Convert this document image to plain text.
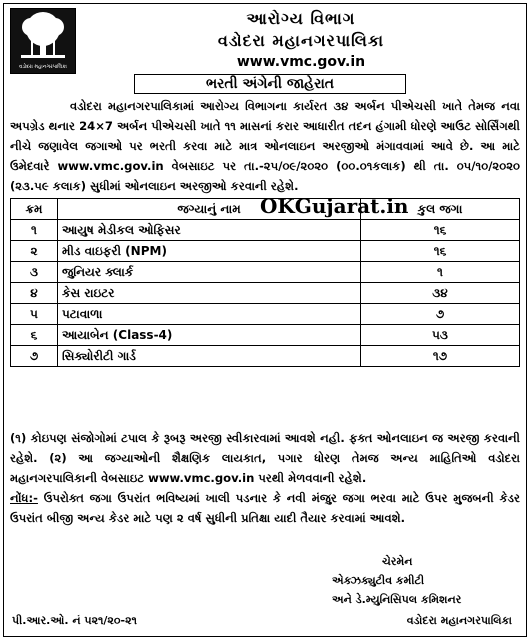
વડોદરા મહાનગરપાલિકા
આરોગ્ય વિભાગ
વડોદરા મહાનગરપાલિકા
www.vmc.gov.in
ભરતી અંગેની જાહેરાત
વડોદરા મહાનગરપાલિકામાં આરોગ્ય વિભાગના કાર્યરત ૩૪ અર્બન પીએચસી ખાતે તેમજ નવા અપગ્રેડ થનાર 24×7 અર્બન પીએચસી ખાતે ૧૧ માસનાં કરાર આધારીત તદન હંગામી ધોરણે આઉટ સોર્સિંગથી નીચે જણાવેલ જગાઓ પર ભરતી કરવા માટે માત્ર ઓનલાઇન અરજીઓ મંગાવવામાં આવે છે. આ માટે ઉમેદવારે www.vmc.gov.in વેબસાઇટ પર તા.-૨૫/૦૯/૨૦૨૦ (૦૦.૦૧કલાક) થી તા. ૦૫/૧૦/૨૦૨૦ (૨૩.૫૯ કલાક) સુધીમાં ઓનલાઇન અરજીઓ કરવાની રહેશે.
ક્રમ	જગ્યાનું નામ	કુલ જગા
૧	આયુષ મેડીકલ ઓફિસર	૧૬
૨	મીડ વાઇફરી (NPM)	૧૬
૩	જુનિયર ક્લાર્ક	૧
૪	કેસ રાઇટર	૩૪
૫	પટાવાળા	૭
૬	આયાબેન (Class-4)	૫૩
૭	સિક્યોરીટી ગાર્ડ	૧૭
OKGujarat.in
(૧) કોઇપણ સંજોગોમાં ટપાલ કે રૂબરૂ અરજી સ્વીકારવામાં આવશે નહી. ફક્ત ઓનલાઇન જ અરજી કરવાની રહેશે. (૨) આ જગ્યાઓની શૈક્ષણિક લાયકાત, પગાર ધોરણ તેમજ અન્ય માહિતિઓ વડોદરા મહાનગરપાલિકાની વેબસાઇટ www.vmc.gov.in પરથી મેળવવાની રહેશે.
નોંધ:- ઉપરોક્ત જગા ઉપરાંત ભવિષ્યમાં ખાલી પડનાર કે નવી મંજુર જગા ભરવા માટે ઉપર મુજબની કેડર ઉપરાંત બીજી અન્ય કેડર માટે પણ ૨ વર્ષ સુધીની પ્રતિક્ષા યાદી તૈયાર કરવામાં આવશે.
ચેરમેન
એક્ઝક્યુટીવ કમીટી
અને ડે.મ્યુનિસિપલ કમિશનર
પી.આર.ઓ. નં ૫૨૧/૨૦-૨૧	વડોદરા મહાનગરપાલિકા
